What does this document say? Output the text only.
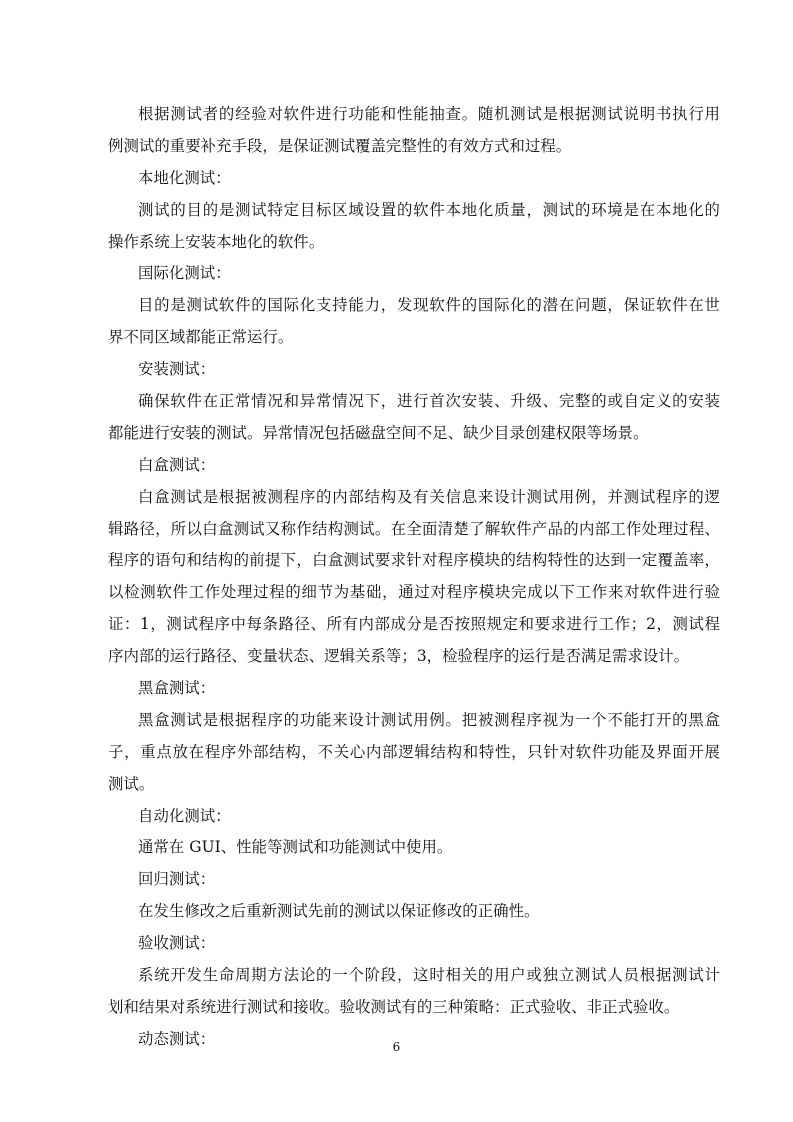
根据测试者的经验对软件进行功能和性能抽查。随机测试是根据测试说明书执行用
例测试的重要补充手段，是保证测试覆盖完整性的有效方式和过程。
本地化测试：
测试的目的是测试特定目标区域设置的软件本地化质量，测试的环境是在本地化的
操作系统上安装本地化的软件。
国际化测试：
目的是测试软件的国际化支持能力，发现软件的国际化的潜在问题，保证软件在世
界不同区域都能正常运行。
安装测试：
确保软件在正常情况和异常情况下，进行首次安装、升级、完整的或自定义的安装
都能进行安装的测试。异常情况包括磁盘空间不足、缺少目录创建权限等场景。
白盒测试：
白盒测试是根据被测程序的内部结构及有关信息来设计测试用例，并测试程序的逻
辑路径，所以白盒测试又称作结构测试。在全面清楚了解软件产品的内部工作处理过程、
程序的语句和结构的前提下，白盒测试要求针对程序模块的结构特性的达到一定覆盖率，
以检测软件工作处理过程的细节为基础，通过对程序模块完成以下工作来对软件进行验
证：1，测试程序中每条路径、所有内部成分是否按照规定和要求进行工作；2，测试程
序内部的运行路径、变量状态、逻辑关系等；3，检验程序的运行是否满足需求设计。
黑盒测试：
黑盒测试是根据程序的功能来设计测试用例。把被测程序视为一个不能打开的黑盒
子，重点放在程序外部结构，不关心内部逻辑结构和特性，只针对软件功能及界面开展
测试。
自动化测试：
通常在 GUI、性能等测试和功能测试中使用。
回归测试：
在发生修改之后重新测试先前的测试以保证修改的正确性。
验收测试：
系统开发生命周期方法论的一个阶段，这时相关的用户或独立测试人员根据测试计
划和结果对系统进行测试和接收。验收测试有的三种策略：正式验收、非正式验收。
动态测试：	6
